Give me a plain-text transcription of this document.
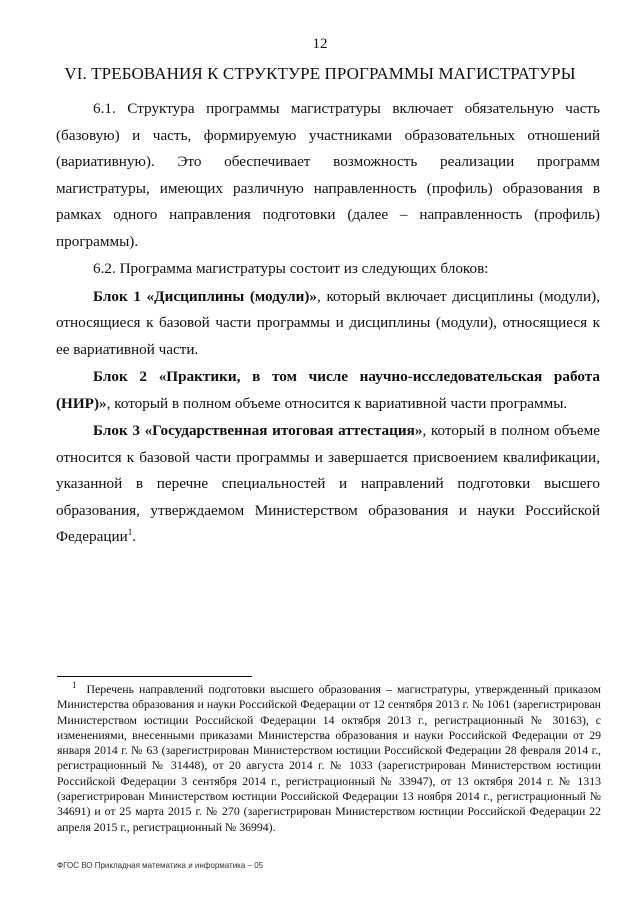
12
VI. ТРЕБОВАНИЯ К СТРУКТУРЕ ПРОГРАММЫ МАГИСТРАТУРЫ

6.1. Структура программы магистратуры включает обязательную часть (базовую) и часть, формируемую участниками образовательных отношений (вариативную). Это обеспечивает возможность реализации программ магистратуры, имеющих различную направленность (профиль) образования в рамках одного направления подготовки (далее – направленность (профиль) программы).

6.2. Программа магистратуры состоит из следующих блоков:

Блок 1 «Дисциплины (модули)», который включает дисциплины (модули), относящиеся к базовой части программы и дисциплины (модули), относящиеся к ее вариативной части.

Блок 2 «Практики, в том числе научно-исследовательская работа (НИР)», который в полном объеме относится к вариативной части программы.

Блок 3 «Государственная итоговая аттестация», который в полном объеме относится к базовой части программы и завершается присвоением квалификации, указанной в перечне специальностей и направлений подготовки высшего образования, утверждаемом Министерством образования и науки Российской Федерации$^1$.

$^1$ Перечень направлений подготовки высшего образования – магистратуры, утвержденный приказом Министерства образования и науки Российской Федерации от 12 сентября 2013 г. № 1061 (зарегистрирован Министерством юстиции Российской Федерации 14 октября 2013 г., регистрационный № 30163), с изменениями, внесенными приказами Министерства образования и науки Российской Федерации от 29 января 2014 г. № 63 (зарегистрирован Министерством юстиции Российской Федерации 28 февраля 2014 г., регистрационный № 31448), от 20 августа 2014 г. № 1033 (зарегистрирован Министерством юстиции Российской Федерации 3 сентября 2014 г., регистрационный № 33947), от 13 октября 2014 г. № 1313 (зарегистрирован Министерством юстиции Российской Федерации 13 ноября 2014 г., регистрационный № 34691) и от 25 марта 2015 г. № 270 (зарегистрирован Министерством юстиции Российской Федерации 22 апреля 2015 г., регистрационный № 36994).

ФГОС ВО Прикладная математика и информатика – 05
